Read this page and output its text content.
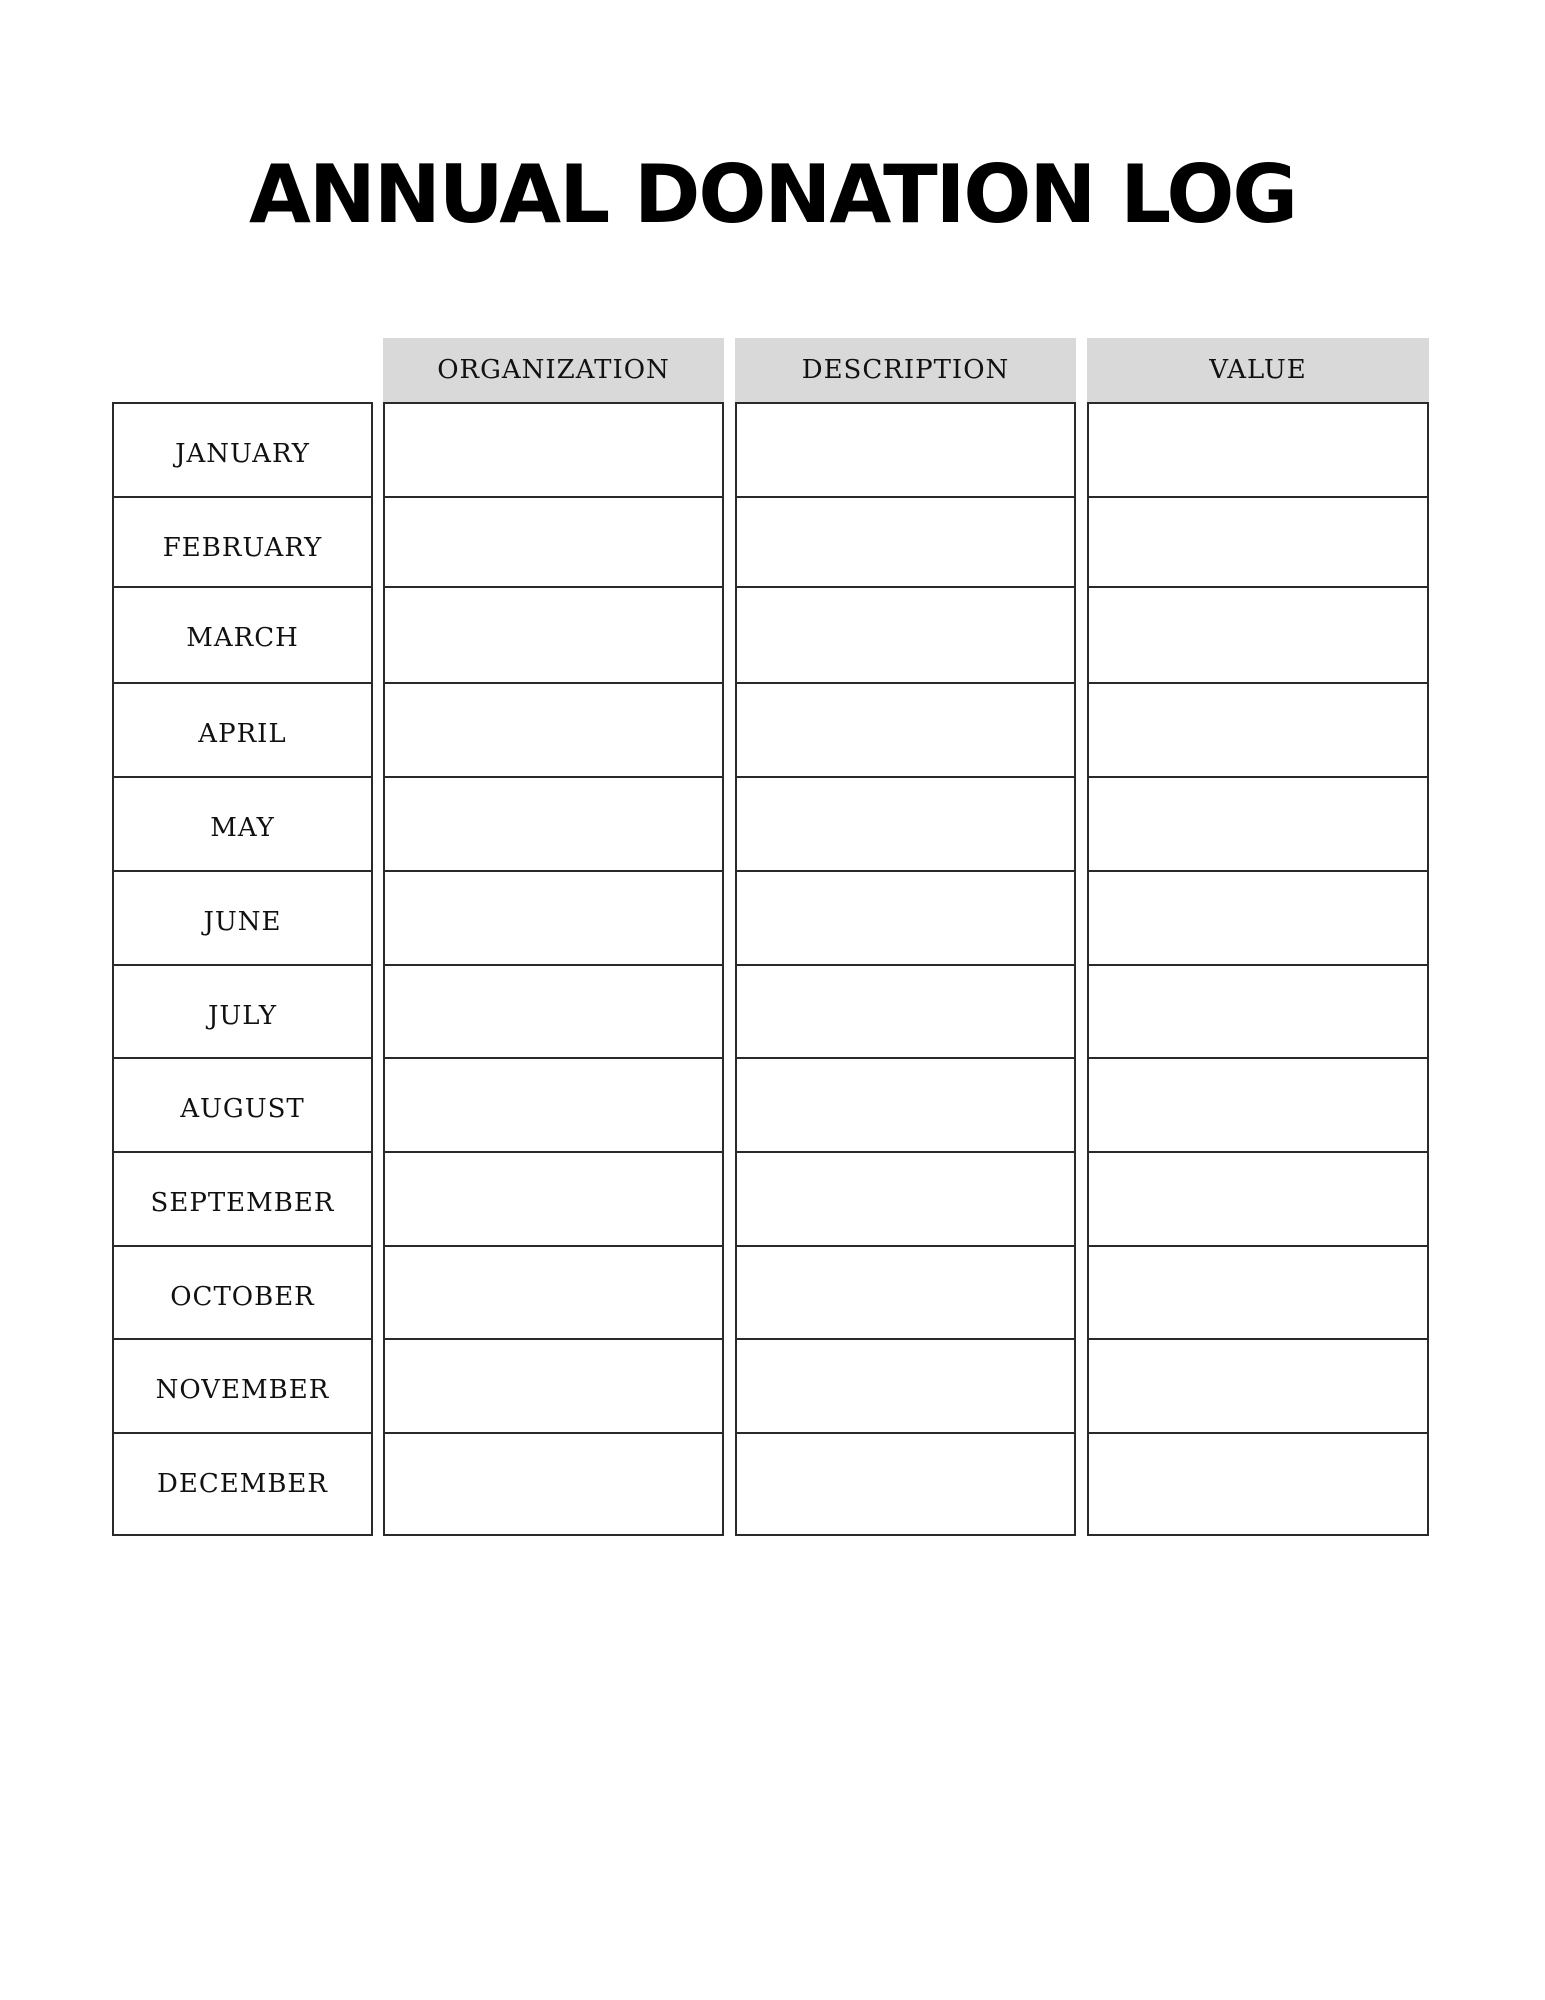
ANNUAL DONATION LOG
ORGANIZATION	DESCRIPTION	VALUE
JANUARY
FEBRUARY
MARCH
APRIL
MAY
JUNE
JULY
AUGUST
SEPTEMBER
OCTOBER
NOVEMBER
DECEMBER
